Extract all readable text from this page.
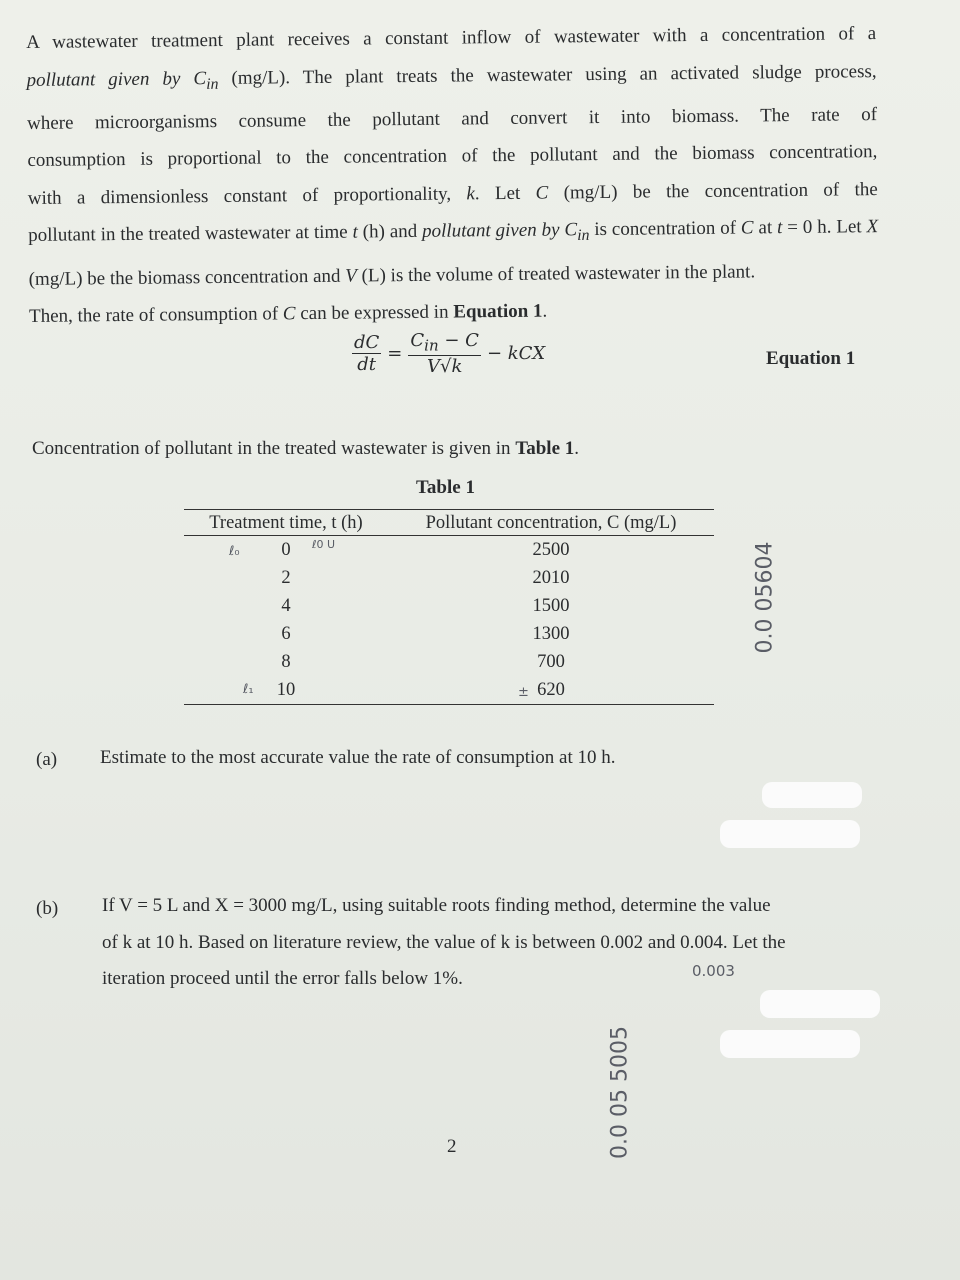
A wastewater treatment plant receives a constant inflow of wastewater with a concentration of a
pollutant given by $C_{in}$ (mg/L). The plant treats the wastewater using an activated sludge process,
where microorganisms consume the pollutant and convert it into biomass. The rate of
consumption is proportional to the concentration of the pollutant and the biomass concentration,
with a dimensionless constant of proportionality, k. Let C (mg/L) be the concentration of the
pollutant in the treated wastewater at time t (h) and pollutant given by $C_{in}$ is concentration of C at t = 0 h. Let X
(mg/L) be the biomass concentration and V (L) is the volume of treated wastewater in the plant.
Then, the rate of consumption of C can be expressed in Equation 1.
$\frac{dC}{dt} = \frac{C_{in} - C}{V√k}$ − kCX	Equation 1
Concentration of pollutant in the treated wastewater is given in Table 1.
Table 1
Treatment time, t (h)	Pollutant concentration, C (mg/L)
0	2500
2	2010
4	1500
6	1300
8	700
10	620
ℓ₀	ℓ0 U
ℓ₁	±
0.0 05604
(a) Estimate to the most accurate value the rate of consumption at 10 h.
(b) If V = 5 L and X = 3000 mg/L, using suitable roots finding method, determine the value
of k at 10 h. Based on literature review, the value of k is between 0.002 and 0.004. Let the
iteration proceed until the error falls below 1%.	0.003
0.0 05 5005
2
